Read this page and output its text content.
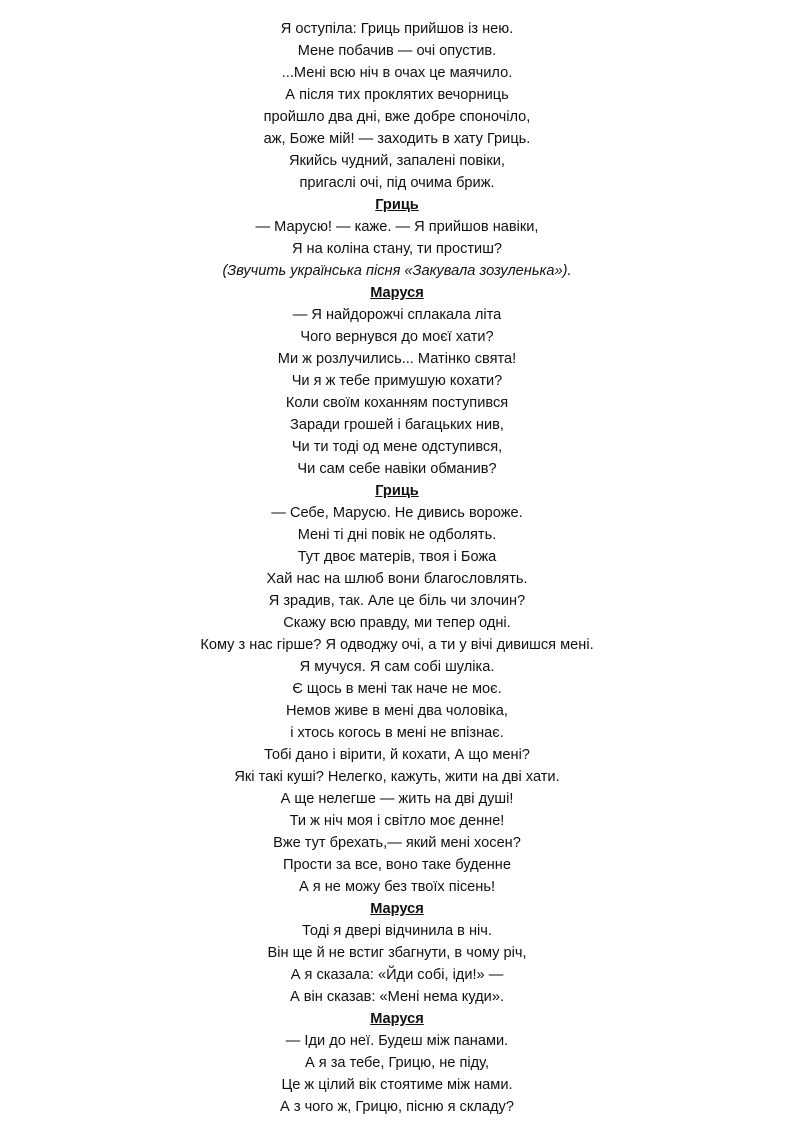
Я оступіла: Гриць прийшов із нею.
Мене побачив — очі опустив.
...Мені всю ніч в очах це маячило.
А після тих проклятих вечорниць
пройшло два дні, вже добре споночіло,
аж, Боже мій! — заходить в хату Гриць.
Якийсь чудний, запалені повіки,
пригаслі очі, під очима бриж.
Гриць
— Марусю! — каже. — Я прийшов навіки,
Я на коліна стану, ти простиш?
(Звучить українська пісня «Закувала зозуленька»).
Маруся
— Я найдорожчі сплакала літа
Чого вернувся до моєї хати?
Ми ж розлучились... Матінко свята!
Чи я ж тебе примушую кохати?
Коли своїм коханням поступився
Заради грошей і багацьких нив,
Чи ти тоді од мене одступився,
Чи сам себе навіки обманив?
Гриць
— Себе, Марусю. Не дивись вороже.
Мені ті дні повік не одболять.
Тут двоє матерів, твоя і Божа
Хай нас на шлюб вони благословлять.
Я зрадив, так. Але це біль чи злочин?
Скажу всю правду, ми тепер одні.
Кому з нас гірше? Я одводжу очі, а ти у вічі дивишся мені.
Я мучуся. Я сам собі шуліка.
Є щось в мені так наче не моє.
Немов живе в мені два чоловіка,
і хтось когось в мені не впізнає.
Тобі дано і вірити, й кохати, А що мені?
Які такі куші? Нелегко, кажуть, жити на дві хати.
А ще нелегше — жить на дві душі!
Ти ж ніч моя і світло моє денне!
Вже тут брехать,— який мені хосен?
Прости за все, воно таке буденне
А я не можу без твоїх пісень!
Маруся
Тоді я двері відчинила в ніч.
Він ще й не встиг збагнути, в чому річ,
А я сказала: «Йди собі, іди!» —
А він сказав: «Мені нема куди».
Маруся
— Іди до неї. Будеш між панами.
А я за тебе, Грицю, не піду,
Це ж цілий вік стоятиме між нами.
А з чого ж, Грицю, пісню я складу?
